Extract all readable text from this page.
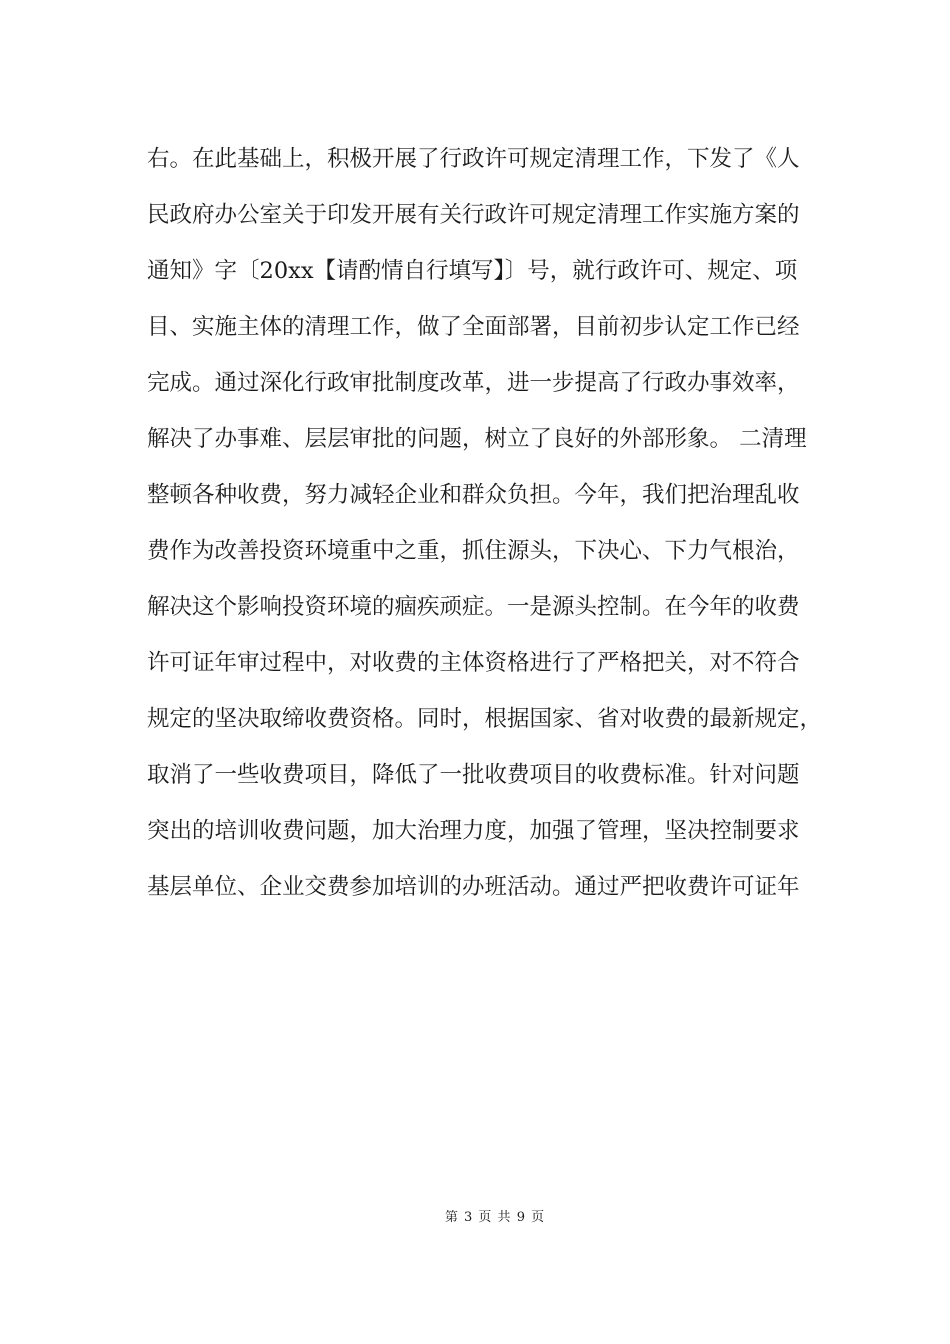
右。在此基础上，积极开展了行政许可规定清理工作，下发了《人
民政府办公室关于印发开展有关行政许可规定清理工作实施方案的
通知》字〔20xx【请酌情自行填写】〕号，就行政许可、规定、项
目、实施主体的清理工作，做了全面部署，目前初步认定工作已经
完成。通过深化行政审批制度改革，进一步提高了行政办事效率，
解决了办事难、层层审批的问题，树立了良好的外部形象。 二清理
整顿各种收费，努力减轻企业和群众负担。今年，我们把治理乱收
费作为改善投资环境重中之重，抓住源头，下决心、下力气根治，
解决这个影响投资环境的痼疾顽症。一是源头控制。在今年的收费
许可证年审过程中，对收费的主体资格进行了严格把关，对不符合
规定的坚决取缔收费资格。同时，根据国家、省对收费的最新规定，
取消了一些收费项目，降低了一批收费项目的收费标准。针对问题
突出的培训收费问题，加大治理力度，加强了管理，坚决控制要求
基层单位、企业交费参加培训的办班活动。通过严把收费许可证年
第 3 页 共 9 页
